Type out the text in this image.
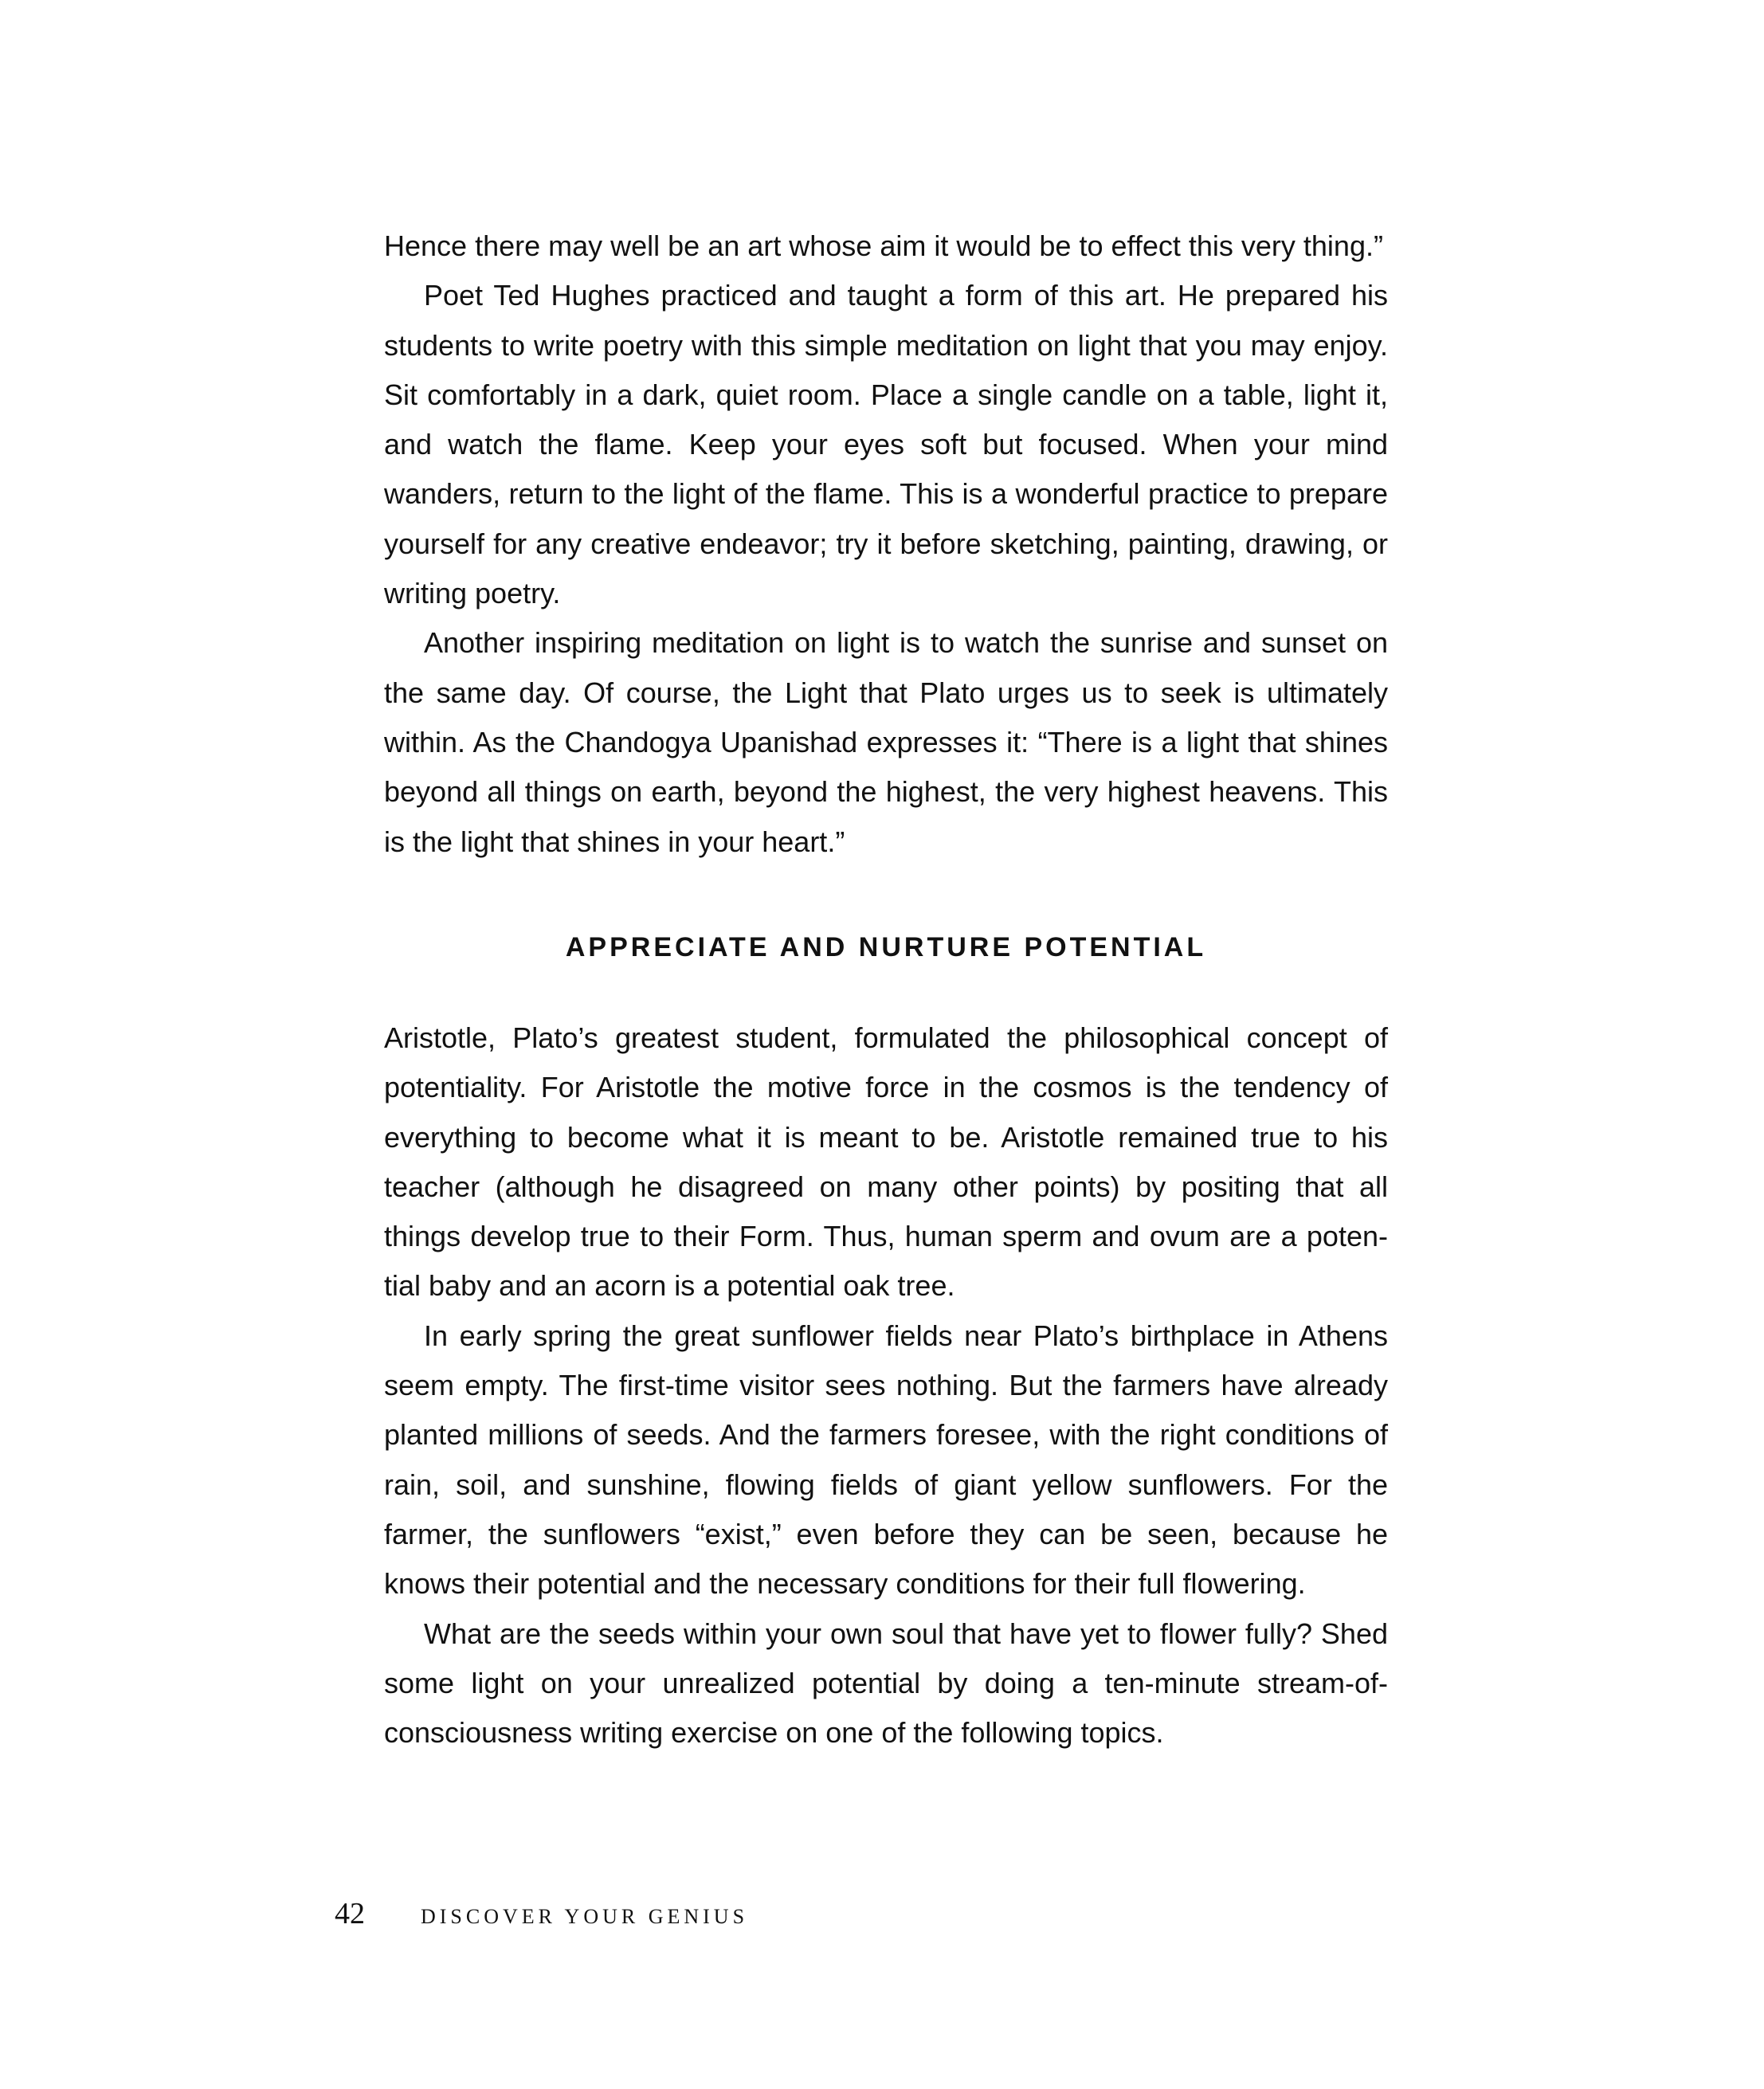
Hence there may well be an art whose aim it would be to effect this very thing.”

Poet Ted Hughes practiced and taught a form of this art. He prepared his students to write poetry with this simple meditation on light that you may enjoy. Sit comfortably in a dark, quiet room. Place a single candle on a table, light it, and watch the flame. Keep your eyes soft but focused. When your mind wanders, return to the light of the flame. This is a wonderful practice to prepare yourself for any creative endeavor; try it before sketching, painting, drawing, or writing poetry.

Another inspiring meditation on light is to watch the sunrise and sunset on the same day. Of course, the Light that Plato urges us to seek is ultimately within. As the Chandogya Upanishad expresses it: “There is a light that shines beyond all things on earth, beyond the highest, the very highest heavens. This is the light that shines in your heart.”

APPRECIATE AND NURTURE POTENTIAL

Aristotle, Plato’s greatest student, formulated the philosophical concept of potentiality. For Aristotle the motive force in the cosmos is the tendency of everything to become what it is meant to be. Aristotle remained true to his teacher (although he disagreed on many other points) by positing that all things develop true to their Form. Thus, human sperm and ovum are a potential baby and an acorn is a potential oak tree.

In early spring the great sunflower fields near Plato’s birthplace in Athens seem empty. The first-time visitor sees nothing. But the farmers have already planted millions of seeds. And the farmers foresee, with the right conditions of rain, soil, and sunshine, flowing fields of giant yellow sunflowers. For the farmer, the sunflowers “exist,” even before they can be seen, because he knows their potential and the necessary conditions for their full flowering.

What are the seeds within your own soul that have yet to flower fully? Shed some light on your unrealized potential by doing a ten-minute stream-of-consciousness writing exercise on one of the following topics.

42	DISCOVER YOUR GENIUS
